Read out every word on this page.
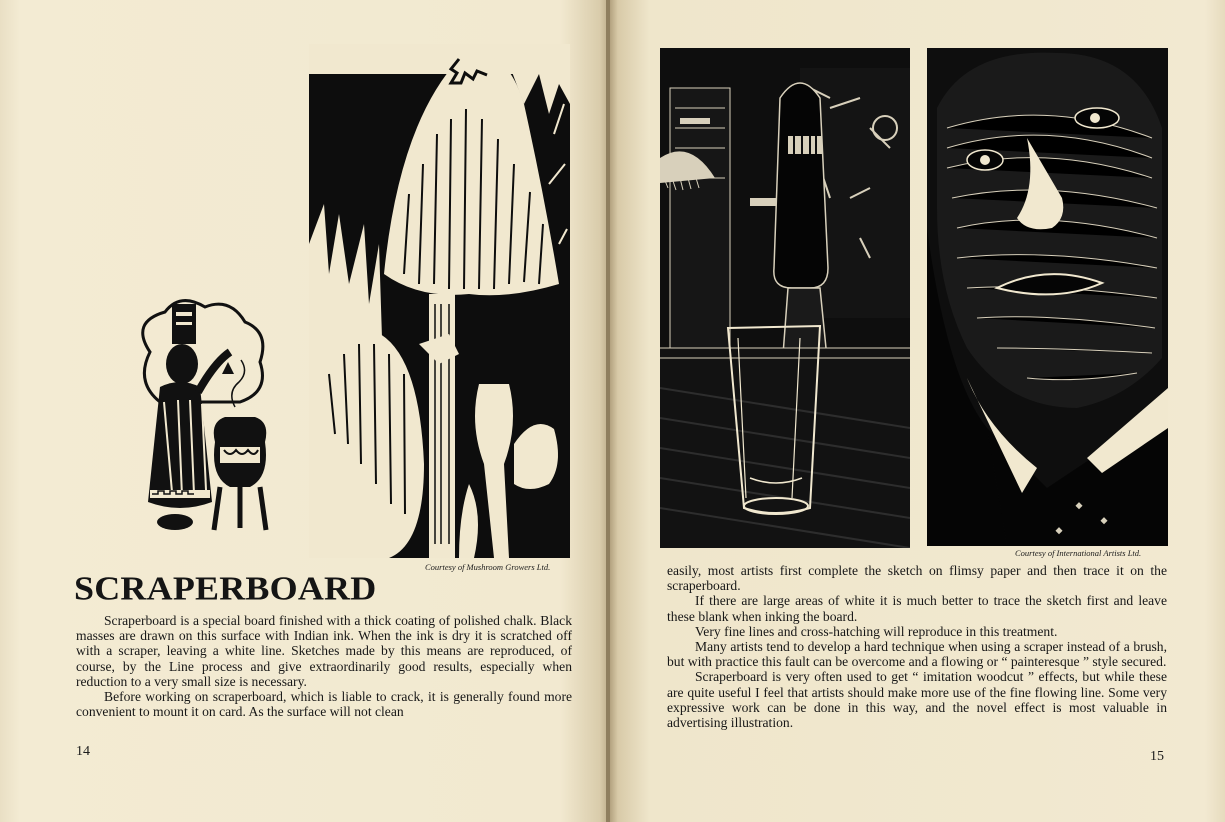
Courtesy of Mushroom Growers Ltd.
SCRAPERBOARD

Scraperboard is a special board finished with a thick coating of polished chalk. Black masses are drawn on this surface with Indian ink. When the ink is dry it is scratched off with a scraper, leaving a white line. Sketches made by this means are reproduced, of course, by the Line process and give extraordinarily good results, especially when reduction to a very small size is necessary.

Before working on scraperboard, which is liable to crack, it is generally found more convenient to mount it on card. As the surface will not clean

14
Courtesy of International Artists Ltd.

easily, most artists first complete the sketch on flimsy paper and then trace it on the scraperboard.

If there are large areas of white it is much better to trace the sketch first and leave these blank when inking the board.

Very fine lines and cross-hatching will reproduce in this treatment.

Many artists tend to develop a hard technique when using a scraper instead of a brush, but with practice this fault can be overcome and a flowing or “ painteresque ” style secured.

Scraperboard is very often used to get “ imitation woodcut ” effects, but while these are quite useful I feel that artists should make more use of the fine flowing line. Some very expressive work can be done in this way, and the novel effect is most valuable in advertising illustration.

15
